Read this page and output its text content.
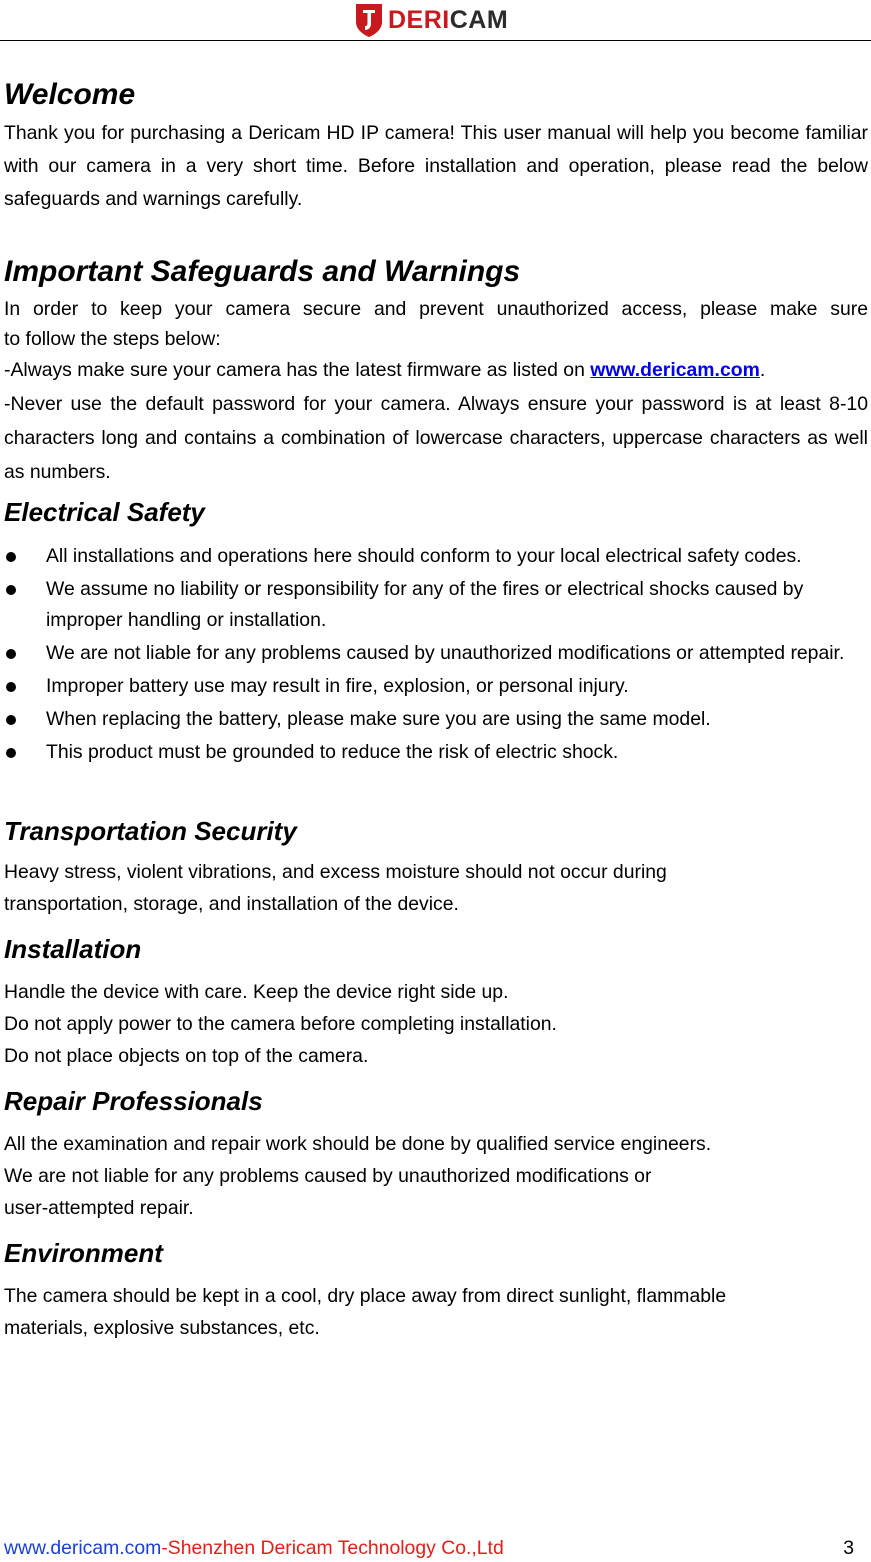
DERICAM
Welcome

Thank you for purchasing a Dericam HD IP camera! This user manual will help you become familiar with our camera in a very short time. Before installation and operation, please read the below safeguards and warnings carefully.

Important Safeguards and Warnings

In order to keep your camera secure and prevent unauthorized access, please make sure

to follow the steps below:

-Always make sure your camera has the latest firmware as listed on www.dericam.com.

-Never use the default password for your camera. Always ensure your password is at least 8-10 characters long and contains a combination of lowercase characters, uppercase characters as well as numbers.

Electrical Safety
All installations and operations here should conform to your local electrical safety codes.
We assume no liability or responsibility for any of the fires or electrical shocks caused by improper handling or installation.
We are not liable for any problems caused by unauthorized modifications or attempted repair.
Improper battery use may result in fire, explosion, or personal injury.
When replacing the battery, please make sure you are using the same model.
This product must be grounded to reduce the risk of electric shock.
Transportation Security

Heavy stress, violent vibrations, and excess moisture should not occur during

transportation, storage, and installation of the device.

Installation

Handle the device with care. Keep the device right side up.

Do not apply power to the camera before completing installation.

Do not place objects on top of the camera.

Repair Professionals

All the examination and repair work should be done by qualified service engineers.

We are not liable for any problems caused by unauthorized modifications or

user-attempted repair.

Environment

The camera should be kept in a cool, dry place away from direct sunlight, flammable

materials, explosive substances, etc.

www.dericam.com-Shenzhen Dericam Technology Co.,Ltd	3
